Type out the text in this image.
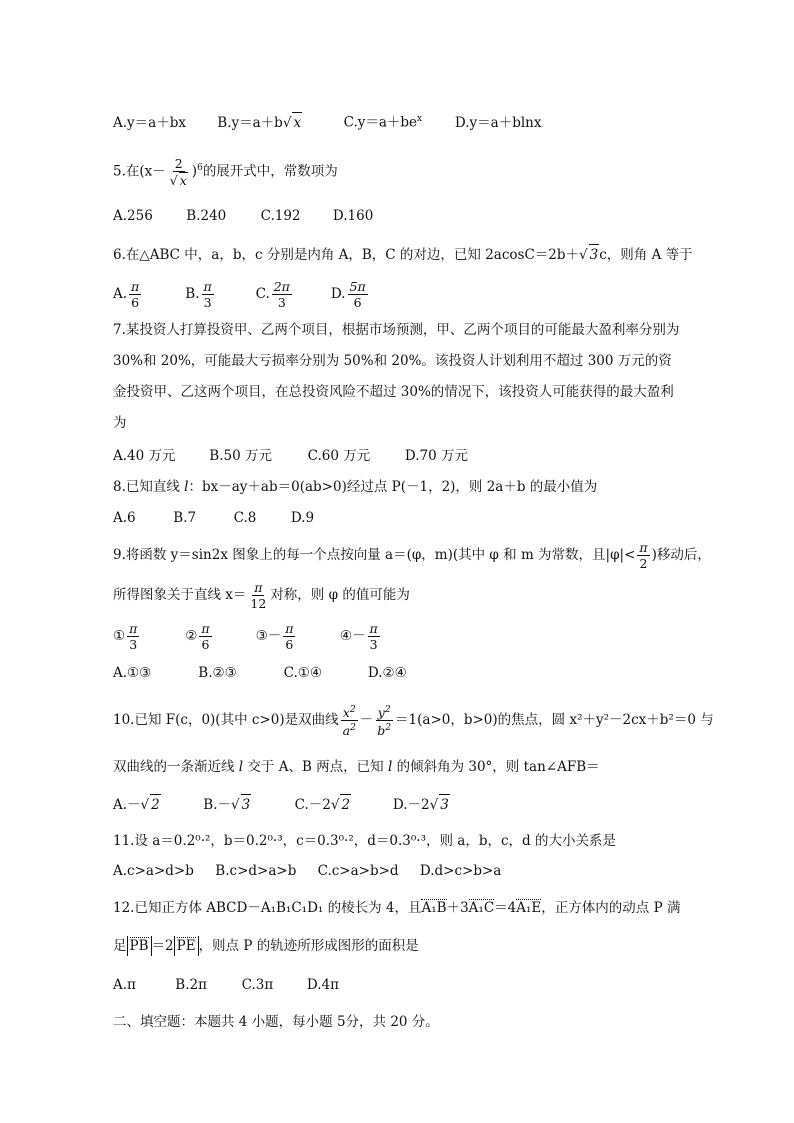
A.y＝a＋bx B.y＝a＋b√ x	$C.y=a+be^x$ D.y＝a＋blnx
5.在$(x- \frac{2}{√ x} )^6$的展开式中，常数项为
A.256 B.240	C.192 D.160
6.在△ABC 中，a，b，c 分别是内角 A，B，C 的对边，已知 2acosC＝2b＋√ 3c，则角 A 等于
A. $\frac{\pi}{6}$	B. $\frac{\pi}{3}$	C. $\frac{2\pi}{3}$	D. $\frac{5\pi}{6}$
7.某投资人打算投资甲、乙两个项目，根据市场预测，甲、乙两个项目的可能最大盈利率分别为 30%和 20%，可能最大亏损率分别为 50%和 20%。该投资人计划利用不超过 300 万元的资金投资甲、乙这两个项目，在总投资风险不超过 30%的情况下，该投资人可能获得的最大盈利为
A.40 万元	B.50 万元	C.60 万元	D.70 万元
8.已知直线 l：bx－ay＋ab＝0(ab>0)经过点 P(－1，2)，则 2a＋b 的最小值为
A.6	B.7	C.8	D.9
9.将函数 y＝sin2x 图象上的每一个点按向量 a＝(φ，m)(其中 φ 和 m 为常数，且$|\varphi|< \frac{\pi}{2}$ )移动后，
所得图象关于直线 $x= \frac{\pi}{12}$ 对称，则 φ 的值可能为
① $\frac{\pi}{3}$	② $\frac{\pi}{6}$	③－ $\frac{\pi}{6}$	④－ $\frac{\pi}{3}$
A.①③	B.②③	C.①④	D.②④
10.已知 F(c，0)(其中 c>0)是双曲线 $\frac{x^2}{a^2} - \frac{y^2}{b^2} =1(a>0$，b>0)的焦点，圆 x²＋y²－2cx＋b²＝0 与
双曲线的一条渐近线 l 交于 A、B 两点，已知 l 的倾斜角为 30°，则 tan∠AFB＝
A.－√ 2	B.－√ 3	C.－2√ 2	D.－2√ 3
11.设 a＝0.2⁰·²，b＝0.2⁰·³，c＝0.3⁰·²，d＝0.3⁰·³，则 a，b，c，d 的大小关系是
A.c>a>d>b B.c>d>a>b C.c>a>b>d D.d>c>b>a
12.已知正方体 ABCD－A₁B₁C₁D₁ 的棱长为 4，且A₁B＋3A₁C＝4A₁E，正方体内的动点 P 满
足 PB ＝2 PE ，则点 P 的轨迹所形成图形的面积是
A.π	B.2π	C.3π D.4π
二、填空题：本题共 4 小题，每小题 5分，共 20 分。
